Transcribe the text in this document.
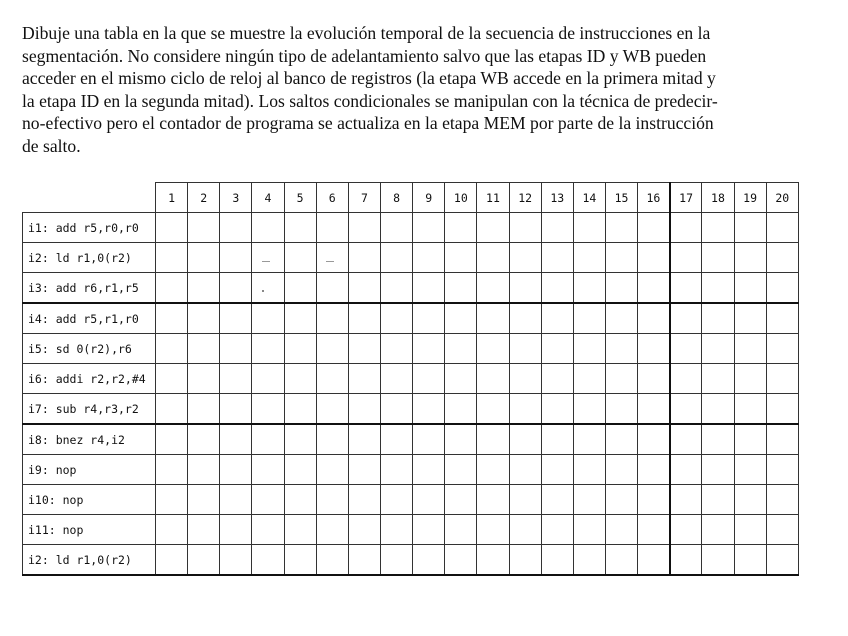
Dibuje una tabla en la que se muestre la evolución temporal de la secuencia de instrucciones en la
segmentación. No considere ningún tipo de adelantamiento salvo que las etapas ID y WB pueden
acceder en el mismo ciclo de reloj al banco de registros (la etapa WB accede en la primera mitad y
la etapa ID en la segunda mitad). Los saltos condicionales se manipulan con la técnica de predecir-
no-efectivo pero el contador de programa se actualiza en la etapa MEM por parte de la instrucción
de salto.
	1	2	3	4	5	6	7	8	9	10	11	12	13	14	15	16	17	18	19	20
i1: add r5,r0,r0																				
i2: ld r1,0(r2)																				
i3: add r6,r1,r5																				
i4: add r5,r1,r0																				
i5: sd 0(r2),r6																				
i6: addi r2,r2,#4																				
i7: sub r4,r3,r2																				
i8: bnez r4,i2																				
i9: nop																				
i10: nop																				
i11: nop																				
i2: ld r1,0(r2)																				
